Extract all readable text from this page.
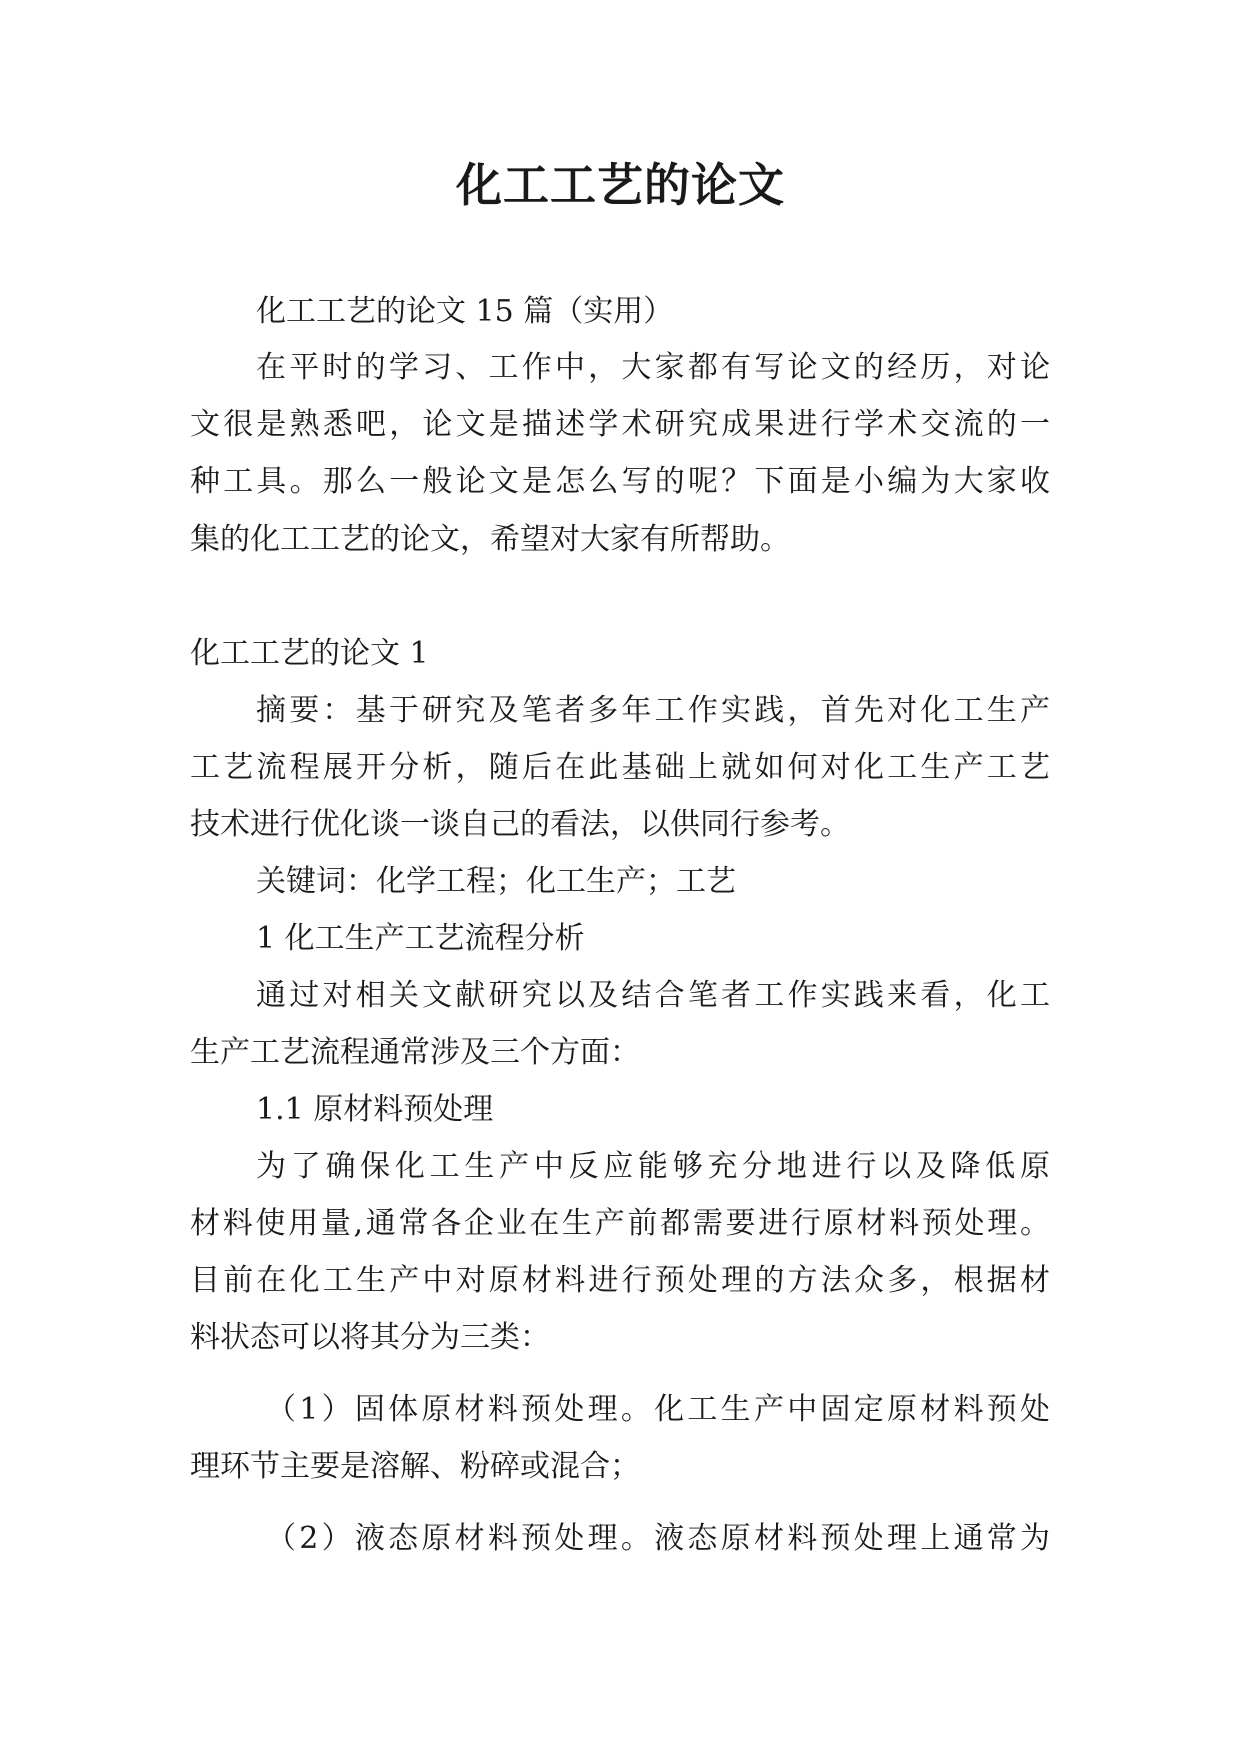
化工工艺的论文
化工工艺的论文 15 篇（实用）
在平时的学习、工作中，大家都有写论文的经历，对论
文很是熟悉吧，论文是描述学术研究成果进行学术交流的一
种工具。那么一般论文是怎么写的呢？下面是小编为大家收
集的化工工艺的论文，希望对大家有所帮助。
化工工艺的论文 1
摘要：基于研究及笔者多年工作实践，首先对化工生产
工艺流程展开分析，随后在此基础上就如何对化工生产工艺
技术进行优化谈一谈自己的看法，以供同行参考。
关键词：化学工程；化工生产；工艺
1 化工生产工艺流程分析
通过对相关文献研究以及结合笔者工作实践来看，化工
生产工艺流程通常涉及三个方面：
1.1 原材料预处理
为了确保化工生产中反应能够充分地进行以及降低原
材料使用量,通常各企业在生产前都需要进行原材料预处理。
目前在化工生产中对原材料进行预处理的方法众多，根据材
料状态可以将其分为三类：
（1）固体原材料预处理。化工生产中固定原材料预处
理环节主要是溶解、粉碎或混合；
（2）液态原材料预处理。液态原材料预处理上通常为
